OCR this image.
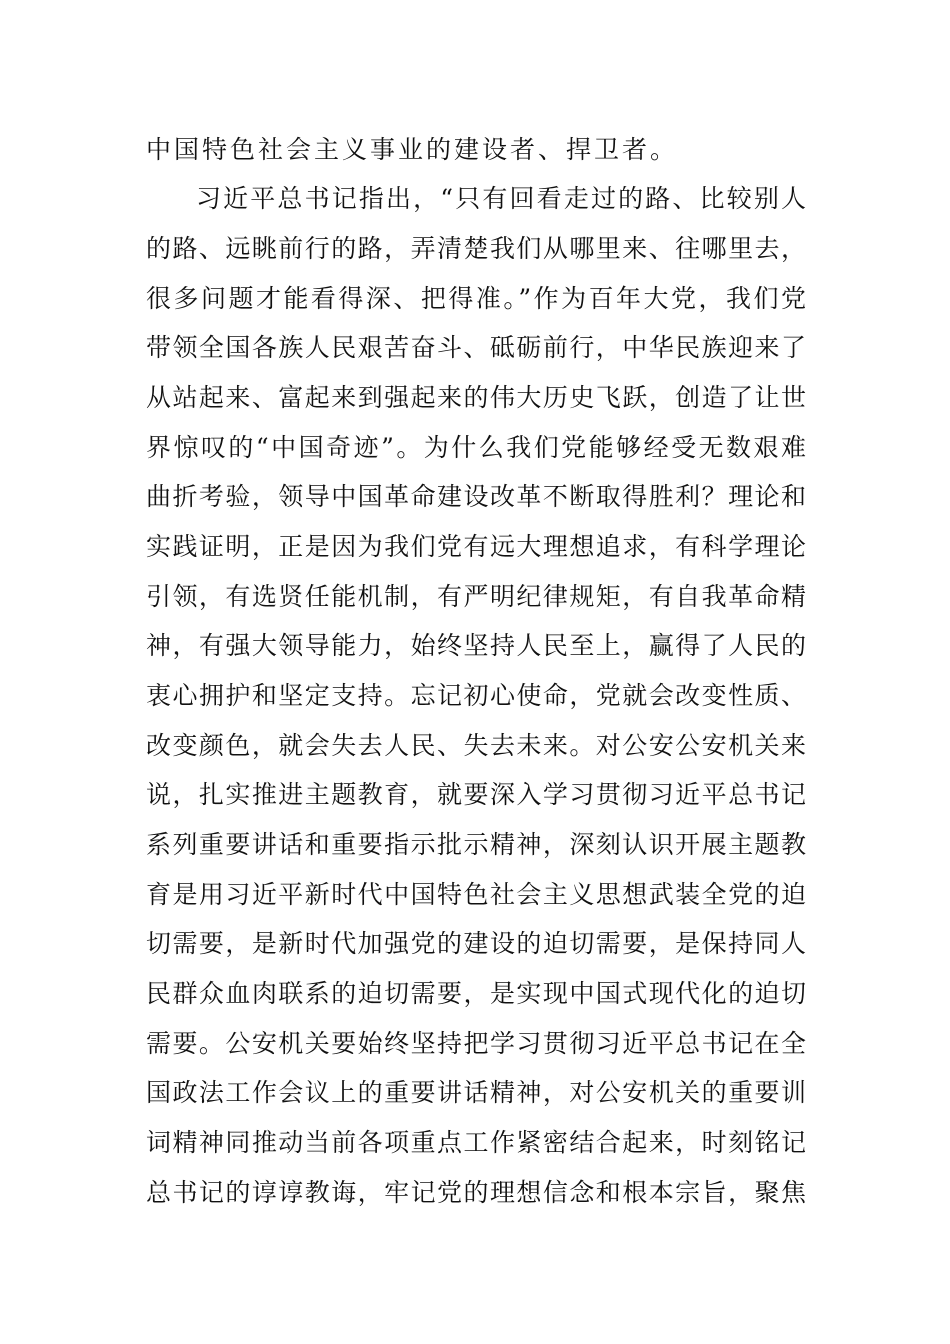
中国特色社会主义事业的建设者、捍卫者。
习近平总书记指出，“只有回看走过的路、比较别人
的路、远眺前行的路，弄清楚我们从哪里来、往哪里去，
很多问题才能看得深、把得准。”作为百年大党，我们党
带领全国各族人民艰苦奋斗、砥砺前行，中华民族迎来了
从站起来、富起来到强起来的伟大历史飞跃，创造了让世
界惊叹的“中国奇迹”。为什么我们党能够经受无数艰难
曲折考验，领导中国革命建设改革不断取得胜利？理论和
实践证明，正是因为我们党有远大理想追求，有科学理论
引领，有选贤任能机制，有严明纪律规矩，有自我革命精
神，有强大领导能力，始终坚持人民至上，赢得了人民的
衷心拥护和坚定支持。忘记初心使命，党就会改变性质、
改变颜色，就会失去人民、失去未来。对公安公安机关来
说，扎实推进主题教育，就要深入学习贯彻习近平总书记
系列重要讲话和重要指示批示精神，深刻认识开展主题教
育是用习近平新时代中国特色社会主义思想武装全党的迫
切需要，是新时代加强党的建设的迫切需要，是保持同人
民群众血肉联系的迫切需要，是实现中国式现代化的迫切
需要。公安机关要始终坚持把学习贯彻习近平总书记在全
国政法工作会议上的重要讲话精神，对公安机关的重要训
词精神同推动当前各项重点工作紧密结合起来，时刻铭记
总书记的谆谆教诲，牢记党的理想信念和根本宗旨，聚焦
